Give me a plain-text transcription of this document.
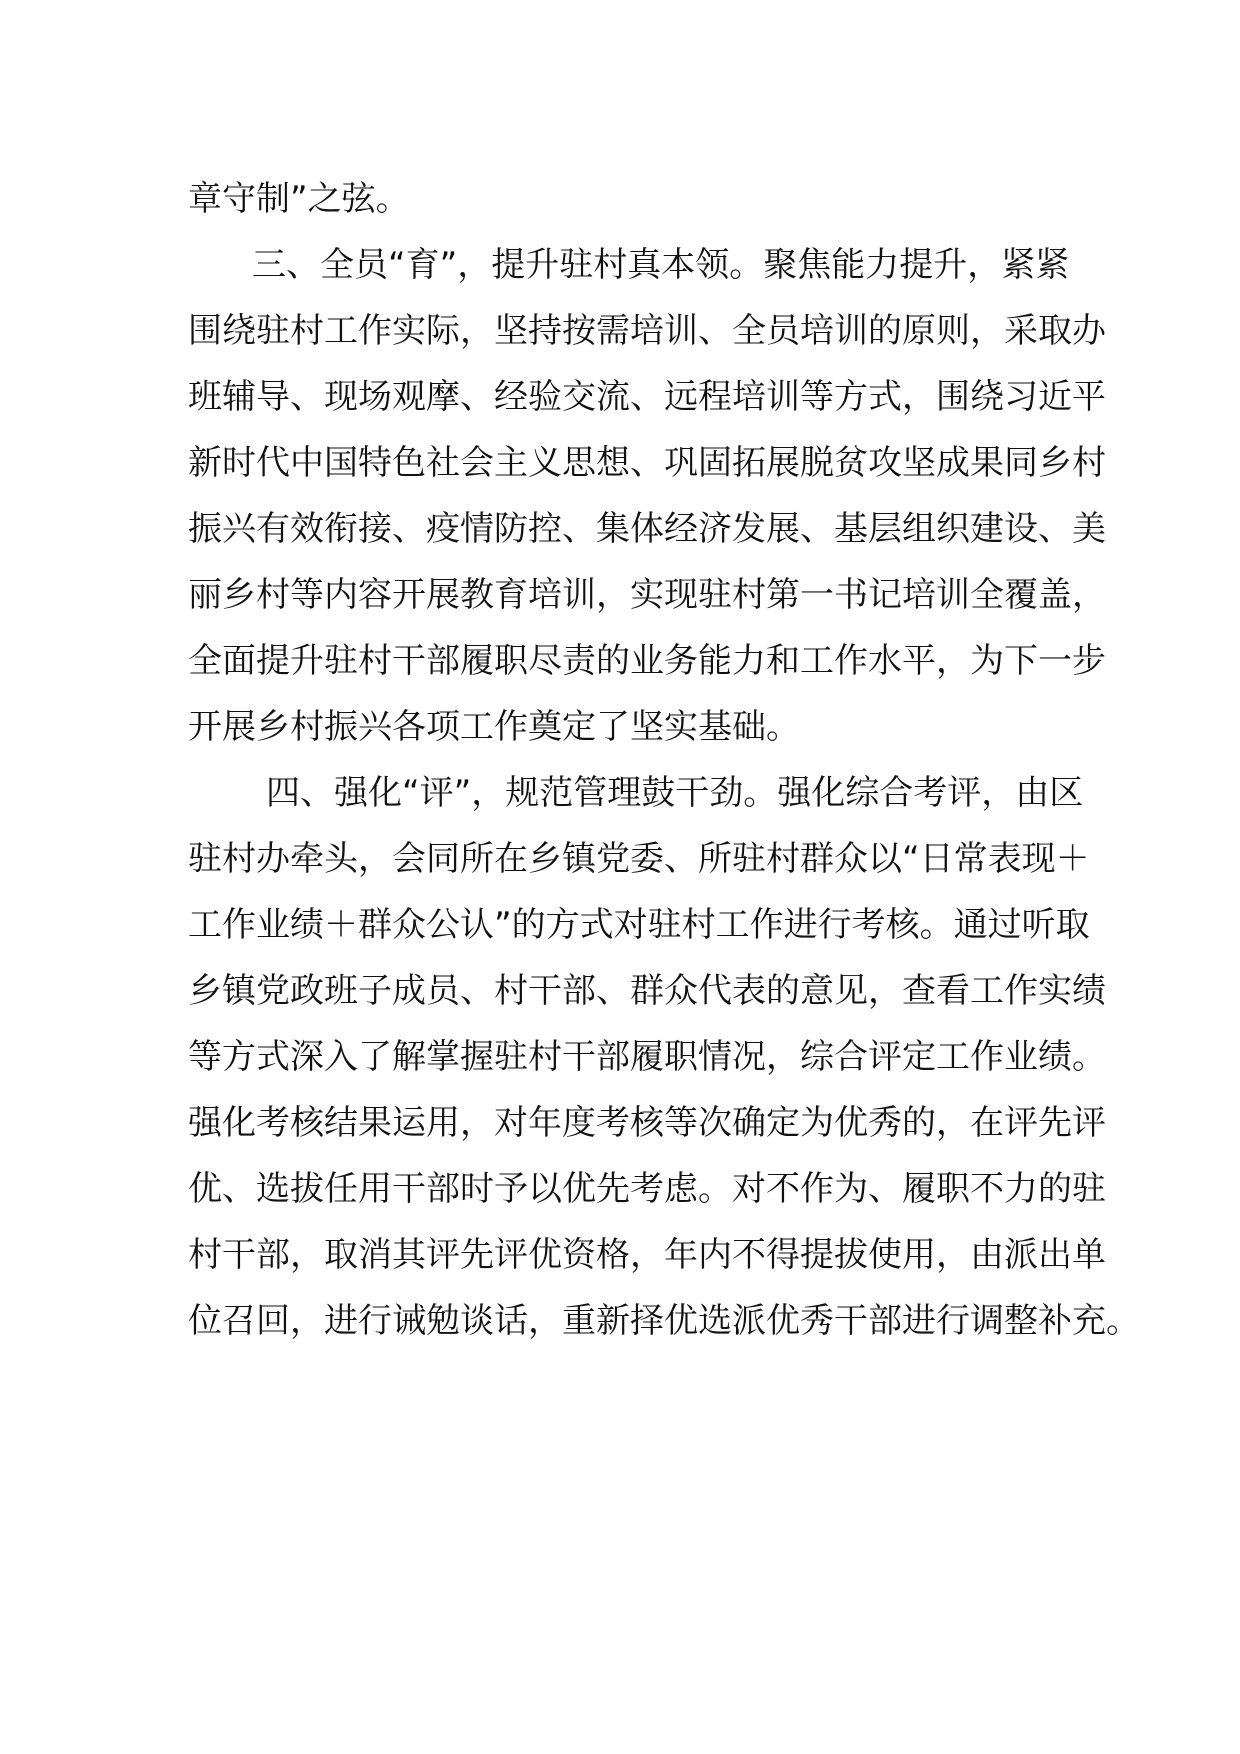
章守制”之弦。
三、全员“育”，提升驻村真本领。聚焦能力提升，紧紧
围绕驻村工作实际，坚持按需培训、全员培训的原则，采取办
班辅导、现场观摩、经验交流、远程培训等方式，围绕习近平
新时代中国特色社会主义思想、巩固拓展脱贫攻坚成果同乡村
振兴有效衔接、疫情防控、集体经济发展、基层组织建设、美
丽乡村等内容开展教育培训，实现驻村第一书记培训全覆盖，
全面提升驻村干部履职尽责的业务能力和工作水平，为下一步
开展乡村振兴各项工作奠定了坚实基础。
四、强化“评”，规范管理鼓干劲。强化综合考评，由区
驻村办牵头，会同所在乡镇党委、所驻村群众以“日常表现＋
工作业绩＋群众公认”的方式对驻村工作进行考核。通过听取
乡镇党政班子成员、村干部、群众代表的意见，查看工作实绩
等方式深入了解掌握驻村干部履职情况，综合评定工作业绩。
强化考核结果运用，对年度考核等次确定为优秀的，在评先评
优、选拔任用干部时予以优先考虑。对不作为、履职不力的驻
村干部，取消其评先评优资格，年内不得提拔使用，由派出单
位召回，进行诫勉谈话，重新择优选派优秀干部进行调整补充。
